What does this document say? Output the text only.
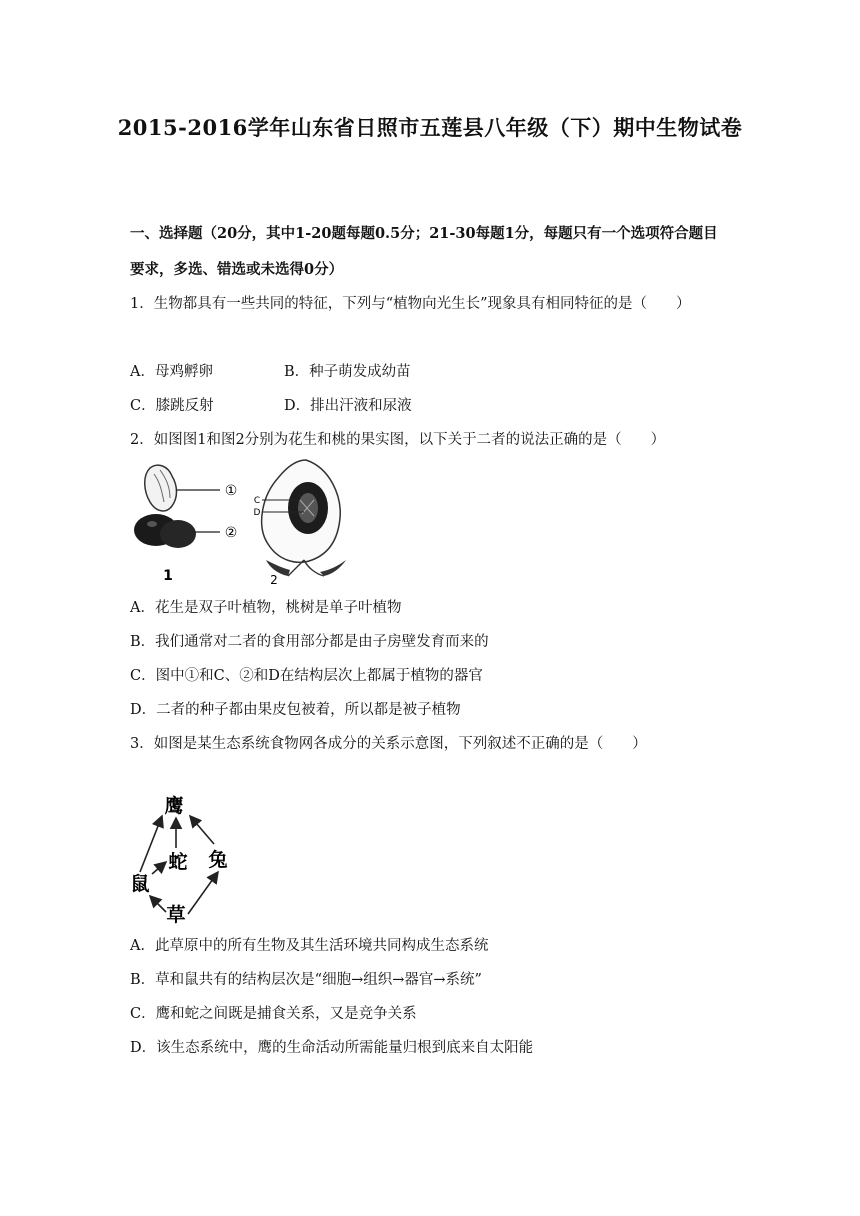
2015-2016学年山东省日照市五莲县八年级（下）期中生物试卷
一、选择题（20分，其中1-20题每题0.5分；21-30每题1分，每题只有一个选项符合题目
要求，多选、错选或未选得0分）
1．生物都具有一些共同的特征，下列与“植物向光生长”现象具有相同特征的是（　　）
A．母鸡孵卵	B．种子萌发成幼苗
C．膝跳反射	D．排出汗液和尿液
2．如图图1和图2分别为花生和桃的果实图，以下关于二者的说法正确的是（　　）
①
②
1
C
D
2
A．花生是双子叶植物，桃树是单子叶植物
B．我们通常对二者的食用部分都是由子房壁发育而来的
C．图中①和C、②和D在结构层次上都属于植物的器官
D．二者的种子都由果皮包被着，所以都是被子植物
3．如图是某生态系统食物网各成分的关系示意图，下列叙述不正确的是（　　）
鹰
蛇 兔
鼠
草
A．此草原中的所有生物及其生活环境共同构成生态系统
B．草和鼠共有的结构层次是“细胞→组织→器官→系统”
C．鹰和蛇之间既是捕食关系，又是竞争关系
D．该生态系统中，鹰的生命活动所需能量归根到底来自太阳能
